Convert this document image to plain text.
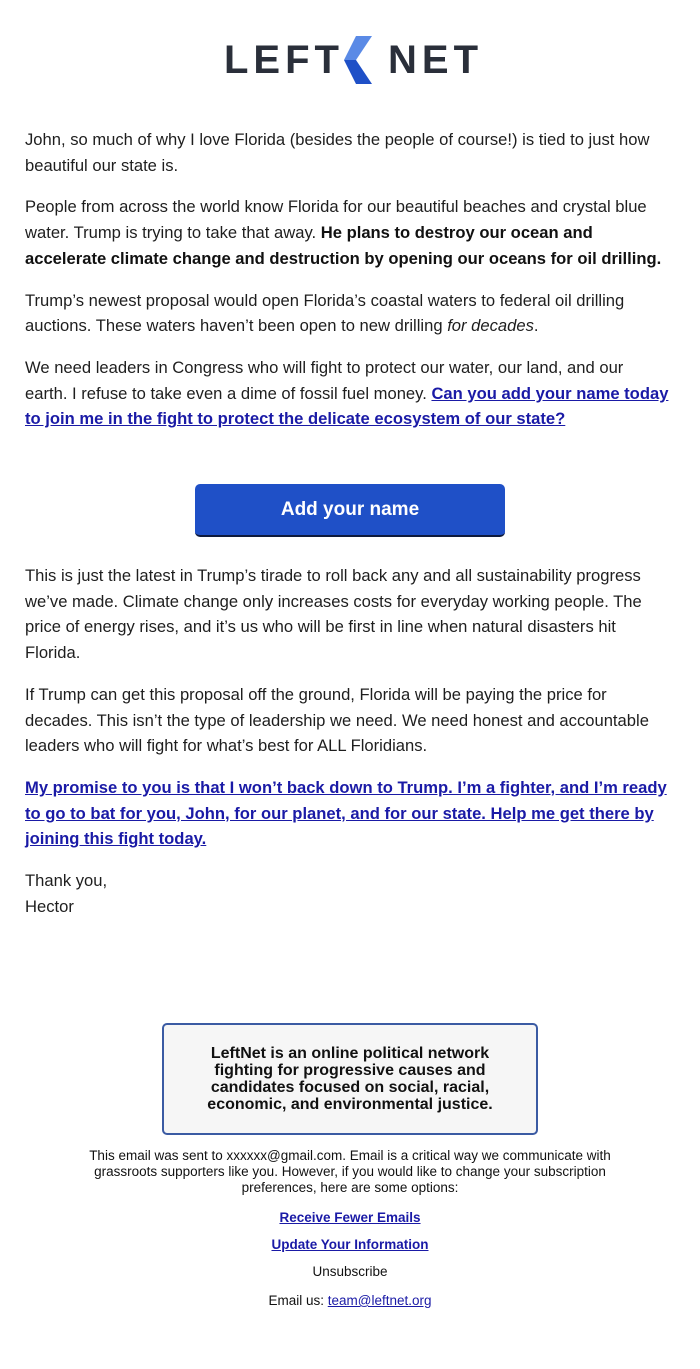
LEFT NET

John, so much of why I love Florida (besides the people of course!) is tied to just how beautiful our state is.

People from across the world know Florida for our beautiful beaches and crystal blue water. Trump is trying to take that away. He plans to destroy our ocean and accelerate climate change and destruction by opening our oceans for oil drilling.

Trump’s newest proposal would open Florida’s coastal waters to federal oil drilling auctions. These waters haven’t been open to new drilling for decades.

We need leaders in Congress who will fight to protect our water, our land, and our earth. I refuse to take even a dime of fossil fuel money. Can you add your name today to join me in the fight to protect the delicate ecosystem of our state?

Add your name

This is just the latest in Trump’s tirade to roll back any and all sustainability progress we’ve made. Climate change only increases costs for everyday working people. The price of energy rises, and it’s us who will be first in line when natural disasters hit Florida.

If Trump can get this proposal off the ground, Florida will be paying the price for decades. This isn’t the type of leadership we need. We need honest and accountable leaders who will fight for what’s best for ALL Floridians.

My promise to you is that I won’t back down to Trump. I’m a fighter, and I’m ready to go to bat for you, John, for our planet, and for our state. Help me get there by joining this fight today.

Thank you,
Hector

LeftNet is an online political network fighting for progressive causes and candidates focused on social, racial, economic, and environmental justice.

This email was sent to xxxxxx@gmail.com. Email is a critical way we communicate with grassroots supporters like you. However, if you would like to change your subscription preferences, here are some options:

Receive Fewer Emails
Update Your Information
Unsubscribe
Email us: team@leftnet.org
